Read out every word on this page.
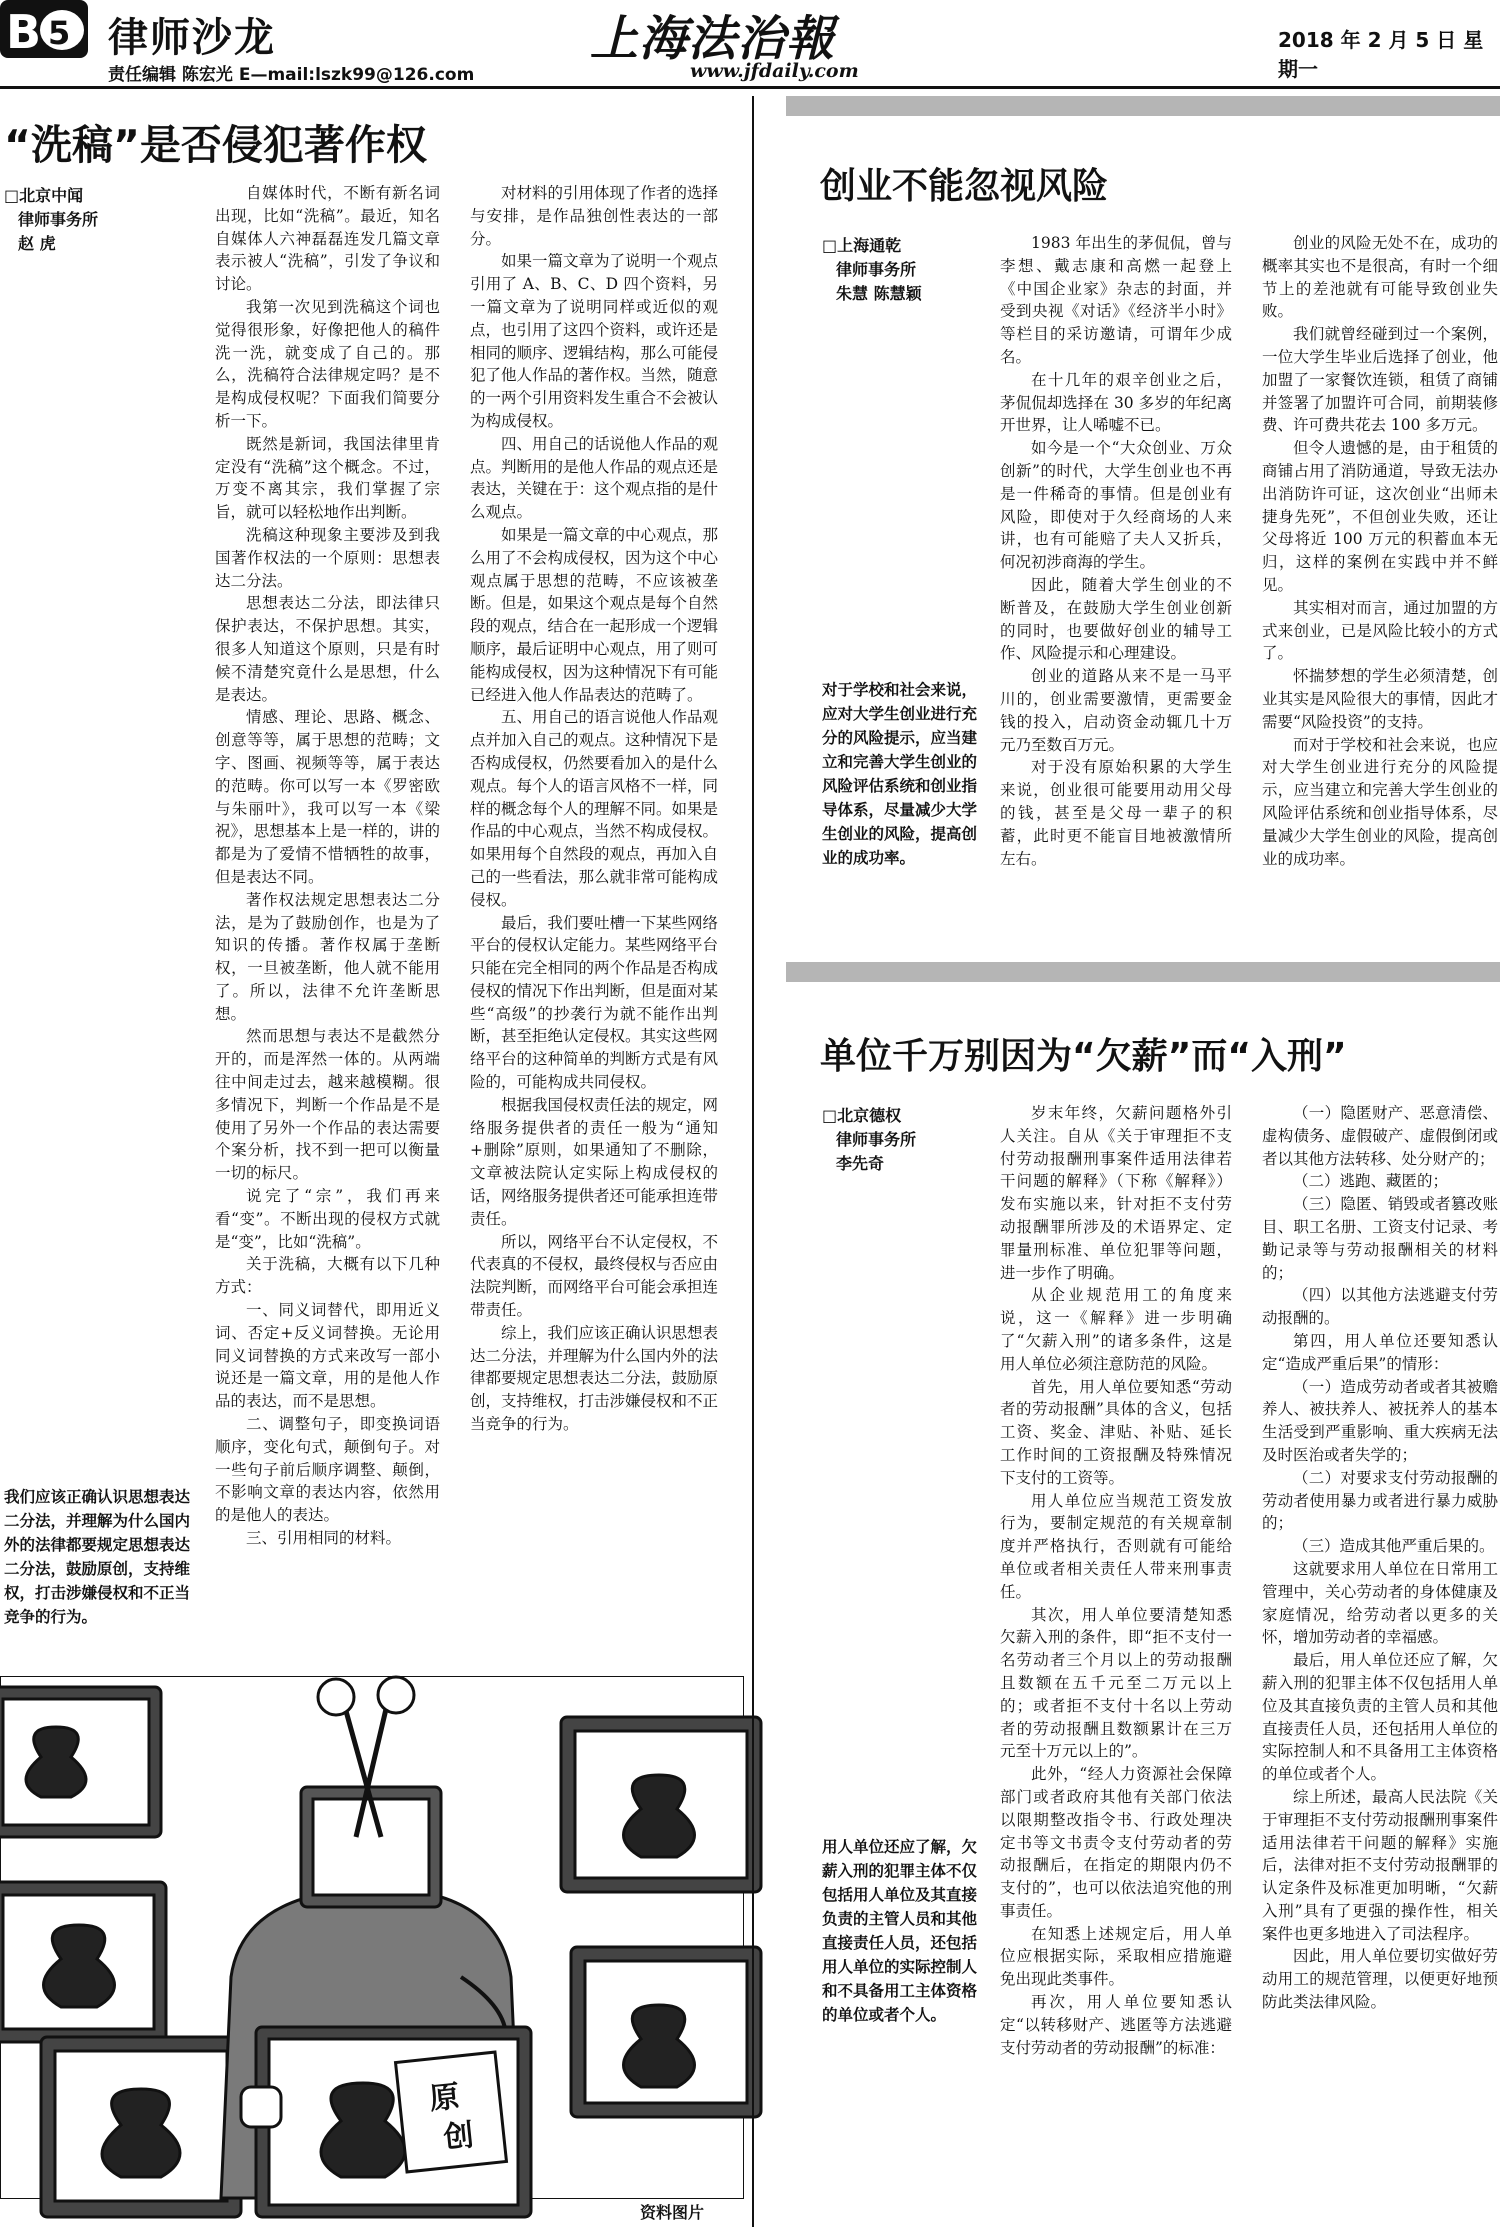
B 5 律师沙龙
责任编辑 陈宏光 E—mail:lszk99@126.com
上海法治報
www.jfdaily.com
2018 年 2 月 5 日 星期一
“洗稿”是否侵犯著作权
□北京中闻
律师事务所
赵 虎

自媒体时代，不断有新名词出现，比如“洗稿”。最近，知名自媒体人六神磊磊连发几篇文章表示被人“洗稿”，引发了争议和讨论。

我第一次见到洗稿这个词也觉得很形象，好像把他人的稿件洗一洗，就变成了自己的。那么，洗稿符合法律规定吗？是不是构成侵权呢？下面我们简要分析一下。

既然是新词，我国法律里肯定没有“洗稿”这个概念。不过，万变不离其宗，我们掌握了宗旨，就可以轻松地作出判断。

洗稿这种现象主要涉及到我国著作权法的一个原则：思想表达二分法。

思想表达二分法，即法律只保护表达，不保护思想。其实，很多人知道这个原则，只是有时候不清楚究竟什么是思想，什么是表达。

情感、理论、思路、概念、创意等等，属于思想的范畴；文字、图画、视频等等，属于表达的范畴。你可以写一本《罗密欧与朱丽叶》，我可以写一本《梁祝》，思想基本上是一样的，讲的都是为了爱情不惜牺牲的故事，但是表达不同。

著作权法规定思想表达二分法，是为了鼓励创作，也是为了知识的传播。著作权属于垄断权，一旦被垄断，他人就不能用了。所以，法律不允许垄断思想。

然而思想与表达不是截然分开的，而是浑然一体的。从两端往中间走过去，越来越模糊。很多情况下，判断一个作品是不是使用了另外一个作品的表达需要个案分析，找不到一把可以衡量一切的标尺。

说完了“宗”，我们再来看“变”。不断出现的侵权方式就是“变”，比如“洗稿”。

关于洗稿，大概有以下几种方式：

一、同义词替代，即用近义词、否定+反义词替换。无论用同义词替换的方式来改写一部小说还是一篇文章，用的是他人作品的表达，而不是思想。

二、调整句子，即变换词语顺序，变化句式，颠倒句子。对一些句子前后顺序调整、颠倒，不影响文章的表达内容，依然用的是他人的表达。

三、引用相同的材料。

对材料的引用体现了作者的选择与安排，是作品独创性表达的一部分。

如果一篇文章为了说明一个观点引用了 A、B、C、D 四个资料，另一篇文章为了说明同样或近似的观点，也引用了这四个资料，或许还是相同的顺序、逻辑结构，那么可能侵犯了他人作品的著作权。当然，随意的一两个引用资料发生重合不会被认为构成侵权。

四、用自己的话说他人作品的观点。判断用的是他人作品的观点还是表达，关键在于：这个观点指的是什么观点。

如果是一篇文章的中心观点，那么用了不会构成侵权，因为这个中心观点属于思想的范畴，不应该被垄断。但是，如果这个观点是每个自然段的观点，结合在一起形成一个逻辑顺序，最后证明中心观点，用了则可能构成侵权，因为这种情况下有可能已经进入他人作品表达的范畴了。

五、用自己的语言说他人作品观点并加入自己的观点。这种情况下是否构成侵权，仍然要看加入的是什么观点。每个人的语言风格不一样，同样的概念每个人的理解不同。如果是作品的中心观点，当然不构成侵权。如果用每个自然段的观点，再加入自己的一些看法，那么就非常可能构成侵权。

最后，我们要吐槽一下某些网络平台的侵权认定能力。某些网络平台只能在完全相同的两个作品是否构成侵权的情况下作出判断，但是面对某些“高级”的抄袭行为就不能作出判断，甚至拒绝认定侵权。其实这些网络平台的这种简单的判断方式是有风险的，可能构成共同侵权。

根据我国侵权责任法的规定，网络服务提供者的责任一般为“通知+删除”原则，如果通知了不删除，文章被法院认定实际上构成侵权的话，网络服务提供者还可能承担连带责任。

所以，网络平台不认定侵权，不代表真的不侵权，最终侵权与否应由法院判断，而网络平台可能会承担连带责任。

综上，我们应该正确认识思想表达二分法，并理解为什么国内外的法律都要规定思想表达二分法，鼓励原创，支持维权，打击涉嫌侵权和不正当竞争的行为。

我们应该正确认识思想表达二分法，并理解为什么国内外的法律都要规定思想表达二分法，鼓励原创，支持维权，打击涉嫌侵权和不正当竞争的行为。
原
创
资料图片
创业不能忽视风险
□上海通乾
律师事务所
朱慧 陈慧颖

1983 年出生的茅侃侃，曾与李想、戴志康和高燃一起登上《中国企业家》杂志的封面，并受到央视《对话》《经济半小时》等栏目的采访邀请，可谓年少成名。

在十几年的艰辛创业之后，茅侃侃却选择在 30 多岁的年纪离开世界，让人唏嘘不已。

如今是一个“大众创业、万众创新”的时代，大学生创业也不再是一件稀奇的事情。但是创业有风险，即使对于久经商场的人来讲，也有可能赔了夫人又折兵，何况初涉商海的学生。

因此，随着大学生创业的不断普及，在鼓励大学生创业创新的同时，也要做好创业的辅导工作、风险提示和心理建设。

创业的道路从来不是一马平川的，创业需要激情，更需要金钱的投入，启动资金动辄几十万元乃至数百万元。

对于没有原始积累的大学生来说，创业很可能要用动用父母的钱，甚至是父母一辈子的积蓄，此时更不能盲目地被激情所左右。

创业的风险无处不在，成功的概率其实也不是很高，有时一个细节上的差池就有可能导致创业失败。

我们就曾经碰到过一个案例，一位大学生毕业后选择了创业，他加盟了一家餐饮连锁，租赁了商铺并签署了加盟许可合同，前期装修费、许可费共花去 100 多万元。

但令人遗憾的是，由于租赁的商铺占用了消防通道，导致无法办出消防许可证，这次创业“出师未捷身先死”，不但创业失败，还让父母将近 100 万元的积蓄血本无归，这样的案例在实践中并不鲜见。

其实相对而言，通过加盟的方式来创业，已是风险比较小的方式了。

怀揣梦想的学生必须清楚，创业其实是风险很大的事情，因此才需要“风险投资”的支持。

而对于学校和社会来说，也应对大学生创业进行充分的风险提示，应当建立和完善大学生创业的风险评估系统和创业指导体系，尽量减少大学生创业的风险，提高创业的成功率。

对于学校和社会来说，应对大学生创业进行充分的风险提示，应当建立和完善大学生创业的风险评估系统和创业指导体系，尽量减少大学生创业的风险，提高创业的成功率。
单位千万别因为“欠薪”而“入刑”
□北京德权
律师事务所
李先奇

岁末年终，欠薪问题格外引人关注。自从《关于审理拒不支付劳动报酬刑事案件适用法律若干问题的解释》（下称《解释》）发布实施以来，针对拒不支付劳动报酬罪所涉及的术语界定、定罪量刑标准、单位犯罪等问题，进一步作了明确。

从企业规范用工的角度来说，这一《解释》进一步明确了“欠薪入刑”的诸多条件，这是用人单位必须注意防范的风险。

首先，用人单位要知悉“劳动者的劳动报酬”具体的含义，包括工资、奖金、津贴、补贴、延长工作时间的工资报酬及特殊情况下支付的工资等。

用人单位应当规范工资发放行为，要制定规范的有关规章制度并严格执行，否则就有可能给单位或者相关责任人带来刑事责任。

其次，用人单位要清楚知悉欠薪入刑的条件，即“拒不支付一名劳动者三个月以上的劳动报酬且数额在五千元至二万元以上的；或者拒不支付十名以上劳动者的劳动报酬且数额累计在三万元至十万元以上的”。

此外，“经人力资源社会保障部门或者政府其他有关部门依法以限期整改指令书、行政处理决定书等文书责令支付劳动者的劳动报酬后，在指定的期限内仍不支付的”，也可以依法追究他的刑事责任。

在知悉上述规定后，用人单位应根据实际，采取相应措施避免出现此类事件。

再次，用人单位要知悉认定“以转移财产、逃匿等方法逃避支付劳动者的劳动报酬”的标准：

（一）隐匿财产、恶意清偿、虚构债务、虚假破产、虚假倒闭或者以其他方法转移、处分财产的；

（二）逃跑、藏匿的；

（三）隐匿、销毁或者篡改账目、职工名册、工资支付记录、考勤记录等与劳动报酬相关的材料的；

（四）以其他方法逃避支付劳动报酬的。

第四，用人单位还要知悉认定“造成严重后果”的情形：

（一）造成劳动者或者其被赡养人、被扶养人、被抚养人的基本生活受到严重影响、重大疾病无法及时医治或者失学的；

（二）对要求支付劳动报酬的劳动者使用暴力或者进行暴力威胁的；

（三）造成其他严重后果的。

这就要求用人单位在日常用工管理中，关心劳动者的身体健康及家庭情况，给劳动者以更多的关怀，增加劳动者的幸福感。

最后，用人单位还应了解，欠薪入刑的犯罪主体不仅包括用人单位及其直接负责的主管人员和其他直接责任人员，还包括用人单位的实际控制人和不具备用工主体资格的单位或者个人。

综上所述，最高人民法院《关于审理拒不支付劳动报酬刑事案件适用法律若干问题的解释》实施后，法律对拒不支付劳动报酬罪的认定条件及标准更加明晰，“欠薪入刑”具有了更强的操作性，相关案件也更多地进入了司法程序。

因此，用人单位要切实做好劳动用工的规范管理，以便更好地预防此类法律风险。

用人单位还应了解，欠薪入刑的犯罪主体不仅包括用人单位及其直接负责的主管人员和其他直接责任人员，还包括用人单位的实际控制人和不具备用工主体资格的单位或者个人。
